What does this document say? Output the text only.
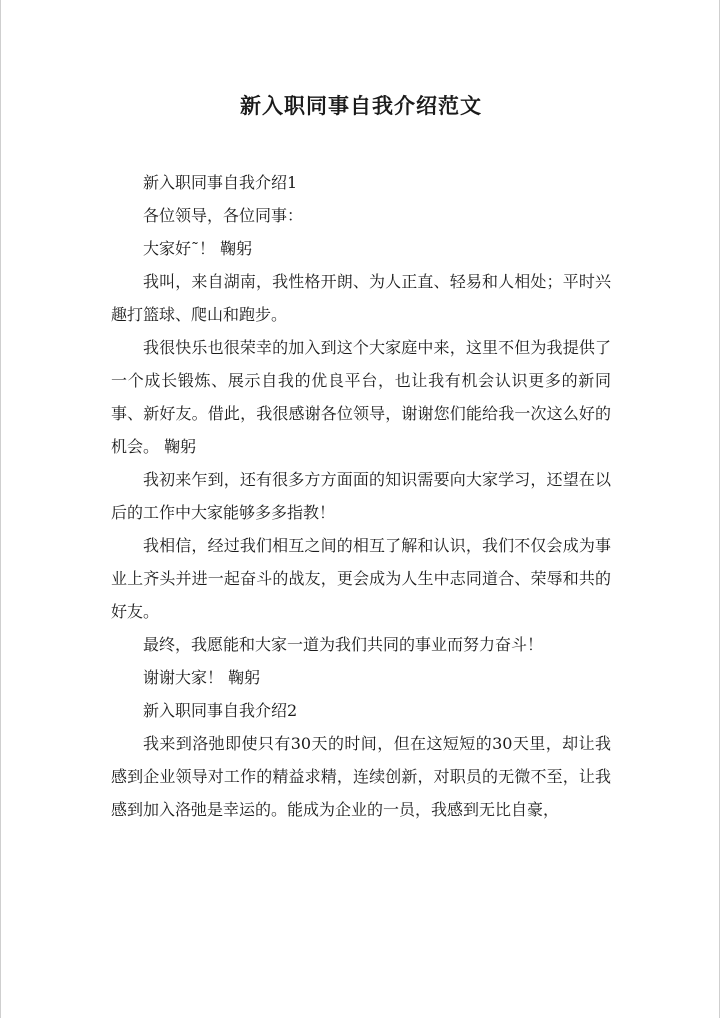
新入职同事自我介绍范文

新入职同事自我介绍1

各位领导，各位同事：

大家好˜！ 鞠躬

我叫，来自湖南，我性格开朗、为人正直、轻易和人相处；平时兴趣打篮球、爬山和跑步。

我很快乐也很荣幸的加入到这个大家庭中来，这里不但为我提供了一个成长锻炼、展示自我的优良平台，也让我有机会认识更多的新同事、新好友。借此，我很感谢各位领导，谢谢您们能给我一次这么好的机会。 鞠躬

我初来乍到，还有很多方方面面的知识需要向大家学习，还望在以后的工作中大家能够多多指教！

我相信，经过我们相互之间的相互了解和认识，我们不仅会成为事业上齐头并进一起奋斗的战友，更会成为人生中志同道合、荣辱和共的好友。

最终，我愿能和大家一道为我们共同的事业而努力奋斗！

谢谢大家！ 鞠躬

新入职同事自我介绍2

我来到洛弛即使只有30天的时间，但在这短短的30天里，却让我感到企业领导对工作的精益求精，连续创新，对职员的无微不至，让我感到加入洛弛是幸运的。能成为企业的一员，我感到无比自豪，
